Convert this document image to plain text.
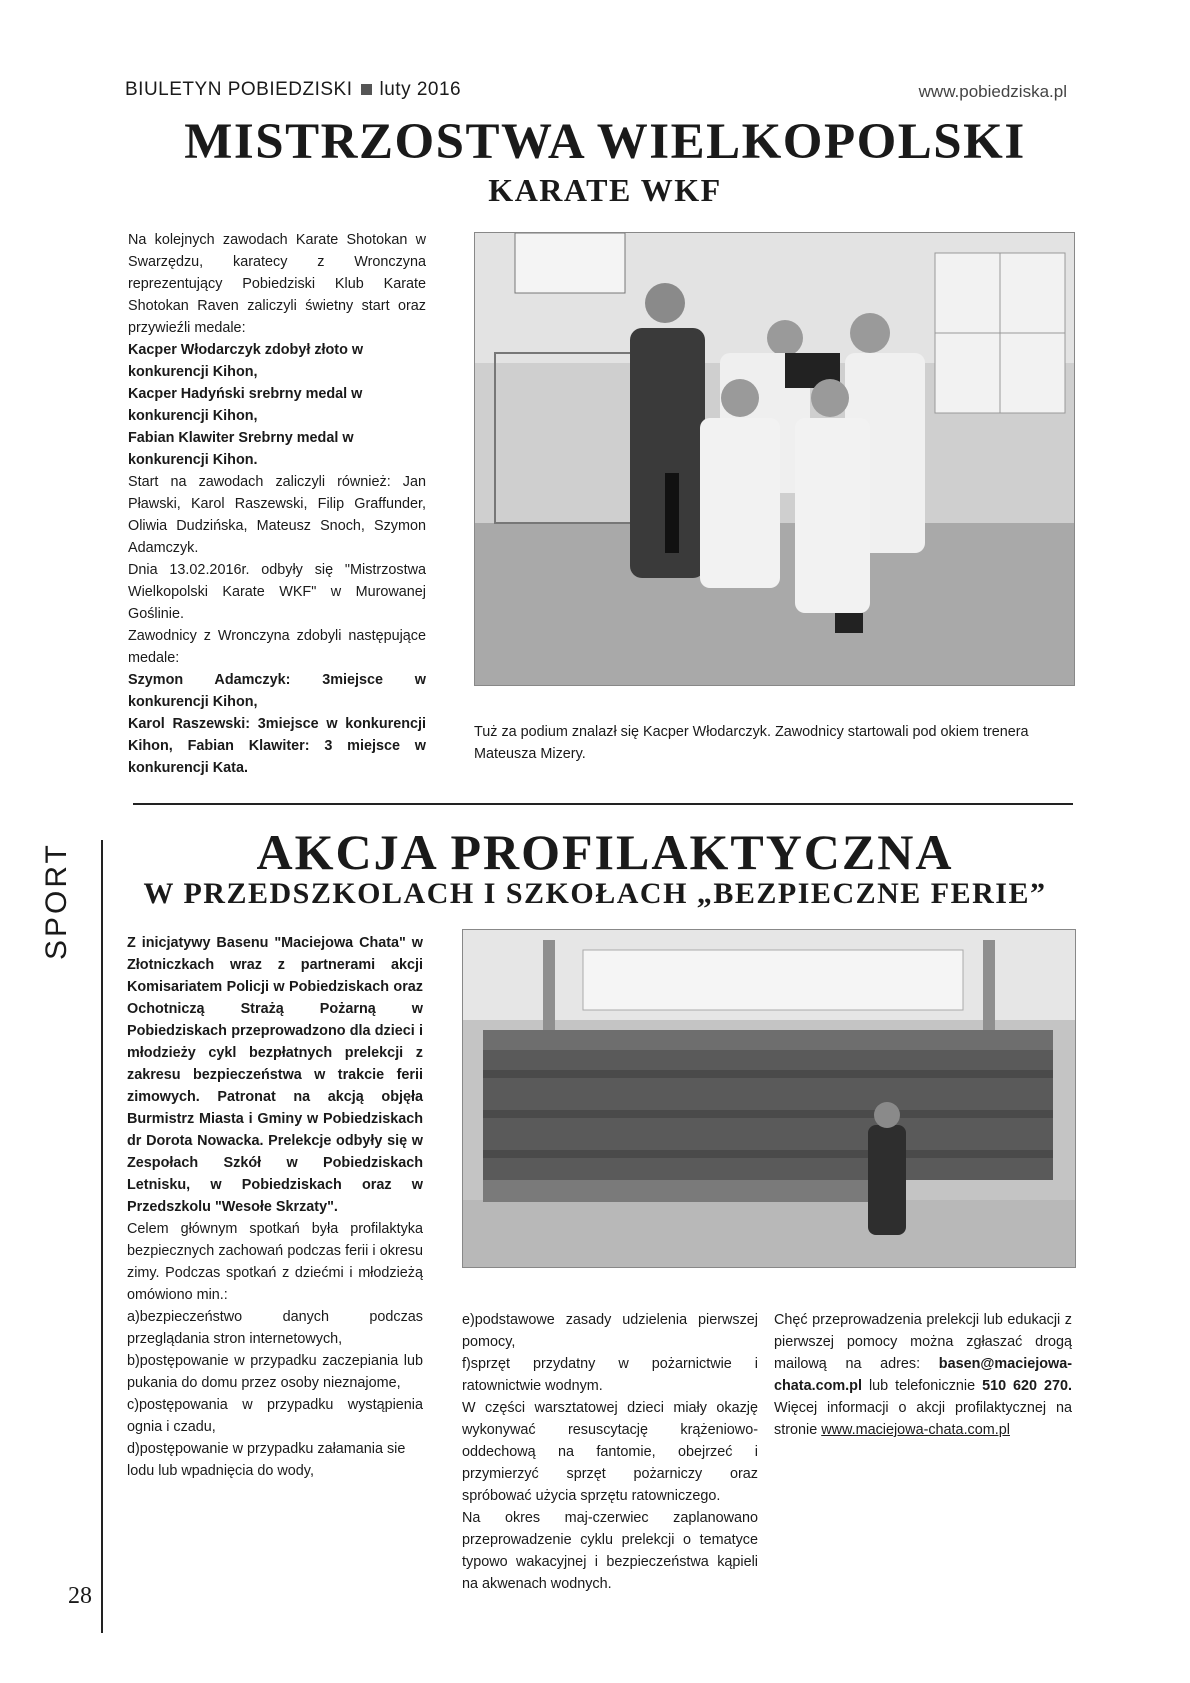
BIULETYN POBIEDZISKI luty 2016	www.pobiedziska.pl
MISTRZOSTWA WIELKOPOLSKI
KARATE WKF

Na kolejnych zawodach Karate Shotokan w Swarzędzu, karatecy z Wronczyna reprezentujący Pobiedziski Klub Karate Shotokan Raven zaliczyli świetny start oraz przywieźli medale:

Kacper Włodarczyk zdobył złoto w konkurencji Kihon,

Kacper Hadyński srebrny medal w konkurencji Kihon,

Fabian Klawiter Srebrny medal w konkurencji Kihon.

Start na zawodach zaliczyli również: Jan Pławski, Karol Raszewski, Filip Graffunder, Oliwia Dudzińska, Mateusz Snoch, Szymon Adamczyk.

Dnia 13.02.2016r. odbyły się "Mistrzostwa Wielkopolski Karate WKF" w Murowanej Goślinie.

Zawodnicy z Wronczyna zdobyli następujące medale:

Szymon Adamczyk: 3miejsce w konkurencji Kihon,

Karol Raszewski: 3miejsce w konkurencji Kihon, Fabian Klawiter: 3 miejsce w konkurencji Kata.

Tuż za podium znalazł się Kacper Włodarczyk. Zawodnicy startowali pod okiem trenera Mateusza Mizery.
AKCJA PROFILAKTYCZNA
W PRZEDSZKOLACH I SZKOŁACH „BEZPIECZNE FERIE”
SPORT	Z inicjatywy Basenu "Maciejowa Chata" w Złotniczkach wraz z partnerami akcji Komisariatem Policji w Pobiedziskach oraz Ochotniczą Strażą Pożarną w Pobiedziskach przeprowadzono dla dzieci i młodzieży cykl bezpłatnych prelekcji z zakresu bezpieczeństwa w trakcie ferii zimowych. Patronat na akcją objęła Burmistrz Miasta i Gminy w Pobiedziskach dr Dorota Nowacka. Prelekcje odbyły się w Zespołach Szkół w Pobiedziskach Letnisku, w Pobiedziskach oraz w Przedszkolu "Wesołe Skrzaty".

Celem głównym spotkań była profilaktyka bezpiecznych zachowań podczas ferii i okresu zimy. Podczas spotkań z dziećmi i młodzieżą omówiono min.:

a)bezpieczeństwo danych podczas przeglądania stron internetowych,

b)postępowanie w przypadku zaczepiania lub pukania do domu przez osoby nieznajome,

c)postępowania w przypadku wystąpienia ognia i czadu,

d)postępowanie w przypadku załamania sie lodu lub wpadnięcia do wody,

e)podstawowe zasady udzielenia pierwszej pomocy,

f)sprzęt przydatny w pożarnictwie i ratownictwie wodnym.

W części warsztatowej dzieci miały okazję wykonywać resuscytację krążeniowo-oddechową na fantomie, obejrzeć i przymierzyć sprzęt pożarniczy oraz spróbować użycia sprzętu ratowniczego.

Na okres maj-czerwiec zaplanowano przeprowadzenie cyklu prelekcji o tematyce typowo wakacyjnej i bezpieczeństwa kąpieli na akwenach wodnych.

Chęć przeprowadzenia prelekcji lub edukacji z pierwszej pomocy można zgłaszać drogą mailową na adres: basen@maciejowa-chata.com.pl lub telefonicznie 510 620 270. Więcej informacji o akcji profilaktycznej na stronie www.maciejowa-chata.com.pl

28
